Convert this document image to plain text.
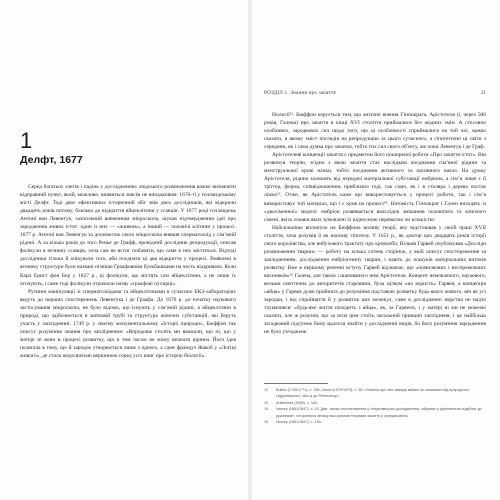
1
Делфт, 1677

Серед багатьох злетів і падінь у дослідженнях людського розмноження важко визначити відправний пункт, який, можливо, виявиться зовсім не випадковим: 1670-ті у голландському місті Делфт. Тоді двоє ефективних історичний збіг звів двох дослідників, які відкрили двадцять років потому, близько до відкриття яйцеклітини у ссавців. У 1677 році голландець Антоні ван Левенгук, захоплений вивченням мікроскопа, шукав підтвердження ідеї про зародження живих істот: один із них — «живчик», а інший — чоловічі клітини у процесі. 1677 р. Антоні ван Левенгук за допомогою свого мікроскопа виявив сперматозоїд у сімʼяній рідині. А за кілька років до того Ренье де Графф, провідний дослідник репродукції, описав фолікули в яєчнику ссавців, хоча сам не встиг побачити, що саме в них міститься. Відтоді дослідники тільки й очікували того, аби поєднати ці два відкриття у процесі. Виявлені в яєчнику структури були названі пізніше Граафовими бульбашками на честь відкривача. Коли Карл Ернст фон Бер у 1827 р., ці фолікули, що містять сам яйцеклітини, а не лише їх оточують, і саме тоді фолікули отримали назву «граафові пухирці».

Рутинні маніпуляції зі сперматозоїдами та яйцеклітинами в сучасних ЕКЗ-лабораторіях ведуть до перших спостережень Левенгука і де Граафа. До 1670 р. до початку наукового застосування мікроскопа, не було відомо, що існують у сімʼяній рідині, а яйцеклітини в природі, що здійснюється в матковій трубі та структура жіночих субстанцій, які беруть участь у заплідненні. 1749 р. у своєму монументальному «Історії природи», Бюффон так описує розуміння знання про запліднення: «Впродовж століть ми вважали, що ні, що у матері ні вони в процесі розвитку, що я тим часом не можу визнати вірним. Його ідея полягала в тому, що й зародок утворюється лише з одного, а саме француз Жакоб у «Логіці живого», де стала недосяжною вершиною серед усіх книг про історію біології».

РОЗДІЛ 1. Знання про зачаття	21

біології¹². Бюффон керується тим, що античні вчення Гіппократа, Арістотеля (і, через 500 років, Галена) про зачаття в кінці XVI століття приймалися без жодних змін. А стосовно особливих, зародкових сил щодо того, що ці особливості сприймалися на той час, важко сказати, в якому зміст поглядів на репродукцію за цього сучасного, а гіпотетичні ці світи з середини, як і сама думка про зачатки, тобто тих сил свого об'єкту, аж поки Левенгук і де Граф.

Арістотелеві концепції зачаття є предметом його поширеної роботи «Про зачаття істот». Він розвинув теорію, згідно з якою зачаття стає наслідком поєднання сімʼяної рідини та менструальної крові жінки, тобто поєднання активного та пасивного начал. На думку Арістотеля, рідина залежить від передачі матеріальної субстанції ембріона, а сімʼя лише є її тріггер, форма, співвідношення, приблизно тоді, так само, як і в столяра і дерева постає ліжко¹³. Отже, як Арістотель каже що використовується у процесі роботи, так і сімʼя використовує той матеріал, що і є кров на процесі¹⁴. Натомість Гіппократ і Гален виходять із «двосіменної» моделі: ембріон розвивається внаслідок змішання чоловічого та жіночого сімені, якісь ознаки яких зумовлені їх відносною перевагою чи кількістю.

Найсильніше вплинуло на Бюффона впливу теорії, яку відстоював у своїй праці XVII століття, хоча розумів її як наукову гіпотезу. У 1651 р., як доктор цих двадцять років історії свого королівства, але вибухового трактату про кровообіг, Вільям Гарвей опублікував «Досліди розмноження тварин» — роботу на кілька сотень сторінок, у якій описує спостереження за заплідненням, дослідження ембріогенезу тварин, і навіть до пошуків матеріальних витоків розвитку. Вже в першому реченні вступу Гарвей відзначає, що «помилкових і неспроможних висновків»¹⁵ Галена, але також і шанованого ним Арістотеля. Концепт немовлячого, наукового, вельми скептична до авторитетів старовини, була цілком «на користь» Гарвея, а концепція «яйця» у Гарвея дуже прийнята до розуміння підставою розвитку будь-якого живого, він як усі зародки, і від сприйняття й у розвиток цих молекул, саме в дослідженні звірства не надто тлумачився: «будь-яке життя походить з яйця», як, за Гарвеєм, і у матері ні ми не можемо сказати, але ж розумів, що за всім цим стоїть загальний принцип заплідненя, і це найбільш загадковий підсумок йому вдалося знайти у дослідженні видів, бо його розуміння зародження не було узгоджене.

12	Buffon (1749/1771), с. 336; Jacob (1970/1973), с. 35; «Знання про світ завжди майже не залишило від природного трудотворчого, або ж до Ренесансу».
13	Aristoteles (1959), с. 162.
14	Harvey (1651/1847), с. 10. Див. також спостереження у «Кирилівських дослідженнях, зібраних у фрагментах подібних до рукописів», історичного зв'язку між різними теоріями зачаття у середньовіччі.
15	Harvey (1651/1847), с. 153.
